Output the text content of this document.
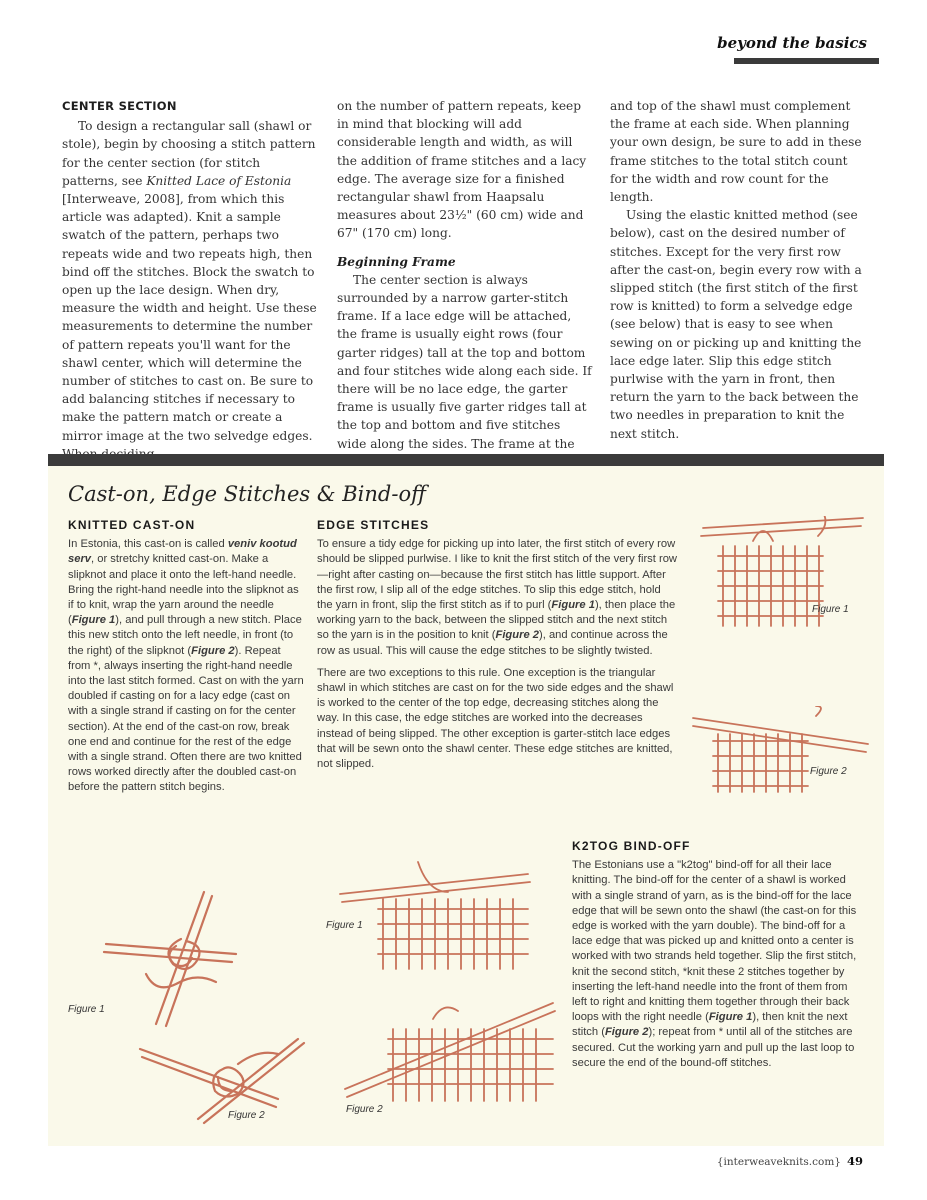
beyond the basics
CENTER SECTION

To design a rectangular sall (shawl or stole), begin by choosing a stitch pattern for the center section (for stitch patterns, see Knitted Lace of Estonia [Interweave, 2008], from which this article was adapted). Knit a sample swatch of the pattern, perhaps two repeats wide and two repeats high, then bind off the stitches. Block the swatch to open up the lace design. When dry, measure the width and height. Use these measurements to determine the number of pattern repeats you'll want for the shawl center, which will determine the number of stitches to cast on. Be sure to add balancing stitches if necessary to make the pattern match or create a mirror image at the two selvedge edges.

on the number of pattern repeats, keep in mind that blocking will add considerable length and width, as will the addition of frame stitches and a lacy edge. The average size for a finished rectangular shawl from Haapsalu measures about 23½" (60 cm) wide and 67" (170 cm) long.

Beginning Frame

The center section is always surrounded by a narrow garter-stitch frame. If a lace edge will be attached, the frame is usually eight rows (four garter ridges) tall at the top and bottom and four stitches wide along each side. If there will be no lace edge, the garter frame is usually five garter ridges tall at the top and bottom and five stitches wide along the sides. The frame at the

and top of the shawl must complement the frame at each side. When planning your own design, be sure to add in these frame stitches to the total stitch count for the width and row count for the length.

Using the elastic knitted method (see below), cast on the desired number of stitches. Except for the very first row after the cast-on, begin every row with a slipped stitch (the first stitch of the first row is knitted) to form a selvedge edge (see below) that is easy to see when sewing on or picking up and knitting the lace edge later. Slip this edge stitch purlwise with the yarn in front, then return the yarn to the back between the two needles in preparation to knit the next stitch.

Cast-on, Edge Stitches & Bind-off
KNITTED CAST-ON

In Estonia, this cast-on is called veniv kootud serv, or stretchy knitted cast-on. Make a slipknot and place it onto the left-hand needle. Bring the right-hand needle into the slipknot as if to knit, wrap the yarn around the needle (Figure 1), and pull through a new stitch. Place this new stitch onto the left needle, in front (to the right) of the slipknot (Figure 2). Repeat from *, always inserting the right-hand needle into the last stitch formed. Cast on with the yarn doubled if casting on for a lacy edge (cast on with a single strand if casting on for the center section). At the end of the cast-on row, break one end and continue for the rest of the edge with a single strand. Often there are two knitted rows worked directly after the doubled cast-on before the pattern stitch begins.

Figure 1
Figure 2
EDGE STITCHES

To ensure a tidy edge for picking up into later, the first stitch of every row should be slipped purlwise. I like to knit the first stitch of the very first row—right after casting on—because the first stitch has little support. After the first row, I slip all of the edge stitches. To slip this edge stitch, hold the yarn in front, slip the first stitch as if to purl (Figure 1), then place the working yarn to the back, between the slipped stitch and the next stitch so the yarn is in the position to knit (Figure 2), and continue across the row as usual. This will cause the edge stitches to be slightly twisted.

There are two exceptions to this rule. One exception is the triangular shawl in which stitches are cast on for the two side edges and the shawl is worked to the center of the top edge, decreasing stitches along the way. In this case, the edge stitches are worked into the decreases instead of being slipped. The other exception is garter-stitch lace edges that will be sewn onto the shawl center. These edge stitches are knitted, not slipped.

Figure 1
Figure 2
K2TOG BIND-OFF

The Estonians use a "k2tog" bind-off for all their lace knitting. The bind-off for the center of a shawl is worked with a single strand of yarn, as is the bind-off for the lace edge that will be sewn onto the shawl (the cast-on for this edge is worked with the yarn double). The bind-off for a lace edge that was picked up and knitted onto a center is worked with two strands held together. Slip the first stitch, knit the second stitch, *knit these 2 stitches together by inserting the left-hand needle into the front of them from left to right and knitting them together through their back loops with the right needle (Figure 1), then knit the next stitch (Figure 2); repeat from * until all of the stitches are secured. Cut the working yarn and pull up the last loop to secure the end of the bound-off stitches.

Figure 1
Figure 2
{interweaveknits.com} 49
